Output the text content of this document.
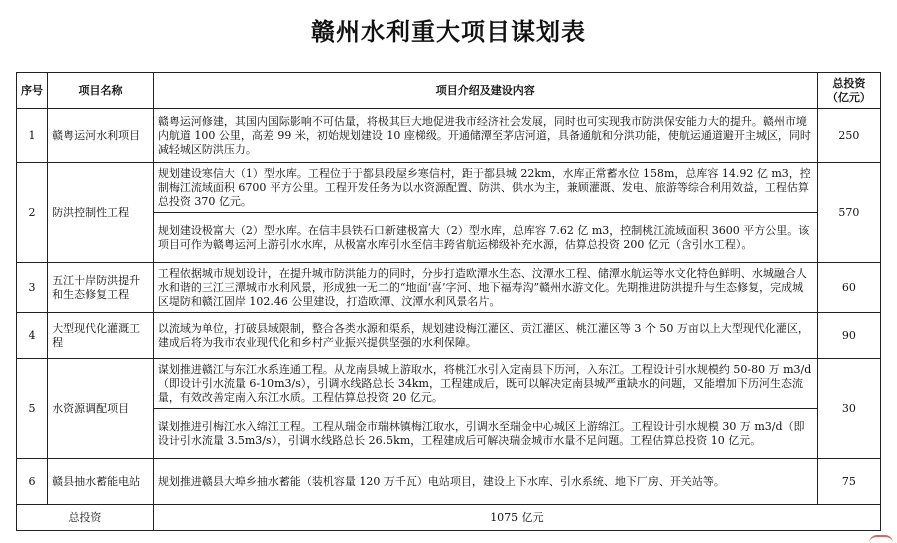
赣州水利重大项目谋划表
序号	项目名称	项目介绍及建设内容	总投资（亿元）
1	赣粤运河水利项目	赣粤运河修建，其国内国际影响不可估量，将极其巨大地促进我市经济社会发展，同时也可实现我市防洪保安能力大的提升。赣州市境内航道 100 公里，高差 99 米，初始规划建设 10 座梯级。开通储潭至茅店河道，具备通航和分洪功能，使航运通道避开主城区，同时减轻城区防洪压力。	250
2	防洪控制性工程	规划建设寒信大（1）型水库。工程位于于都县段屋乡寒信村，距于都县城 22km，水库正常蓄水位 158m，总库容 14.92 亿 m3，控制梅江流域面积 6700 平方公里。工程开发任务为以水资源配置、防洪、供水为主，兼顾灌溉、发电、旅游等综合利用效益，工程估算总投资 370 亿元。	570
		规划建设极富大（2）型水库。在信丰县铁石口新建极富大（2）型水库，总库容 7.62 亿 m3，控制桃江流域面积 3600 平方公里。该项目可作为赣粤运河上游引水水库，从极富水库引水至信丰跨省航运梯级补充水源，估算总投资 200 亿元（含引水工程）。	
3	五江十岸防洪提升和生态修复工程	工程依据城市规划设计，在提升城市防洪能力的同时，分步打造欧潭水生态、汶潭水工程、储潭水航运等水文化特色鲜明、水城融合人水和谐的三江三潭城市水利风景，形成独一无二的“地面‘喜’字河、地下福寿沟”赣州水游文化。先期推进防洪提升与生态修复，完成城区堤防和赣江固岸 102.46 公里建设，打造欧潭、汶潭水利风景名片。	60
4	大型现代化灌溉工程	以流域为单位，打破县域限制，整合各类水源和渠系，规划建设梅江灌区、贡江灌区、桃江灌区等 3 个 50 万亩以上大型现代化灌区，建成后将为我市农业现代化和乡村产业振兴提供坚强的水利保障。	90
5	水资源调配项目	谋划推进赣江与东江水系连通工程。从龙南县城上游取水，将桃江水引入定南县下历河，入东江。工程设计引水规模约 50-80 万 m3/d（即设计引水流量 6-10m3/s），引调水线路总长 34km，工程建成后，既可以解决定南县城严重缺水的问题，又能增加下历河生态流量，有效改善定南入东江水质。工程估算总投资 20 亿元。	30
		谋划推进引梅江水入绵江工程。工程从瑞金市瑞林镇梅江取水，引调水至瑞金中心城区上游绵江。工程设计引水规模 30 万 m3/d（即设计引水流量 3.5m3/s），引调水线路总长 26.5km，工程建成后可解决瑞金城市水量不足问题。工程估算总投资 10 亿元。	
6	赣县抽水蓄能电站	规划推进赣县大埠乡抽水蓄能（装机容量 120 万千瓦）电站项目，建设上下水库、引水系统、地下厂房、开关站等。	75
总投资		1075 亿元	
